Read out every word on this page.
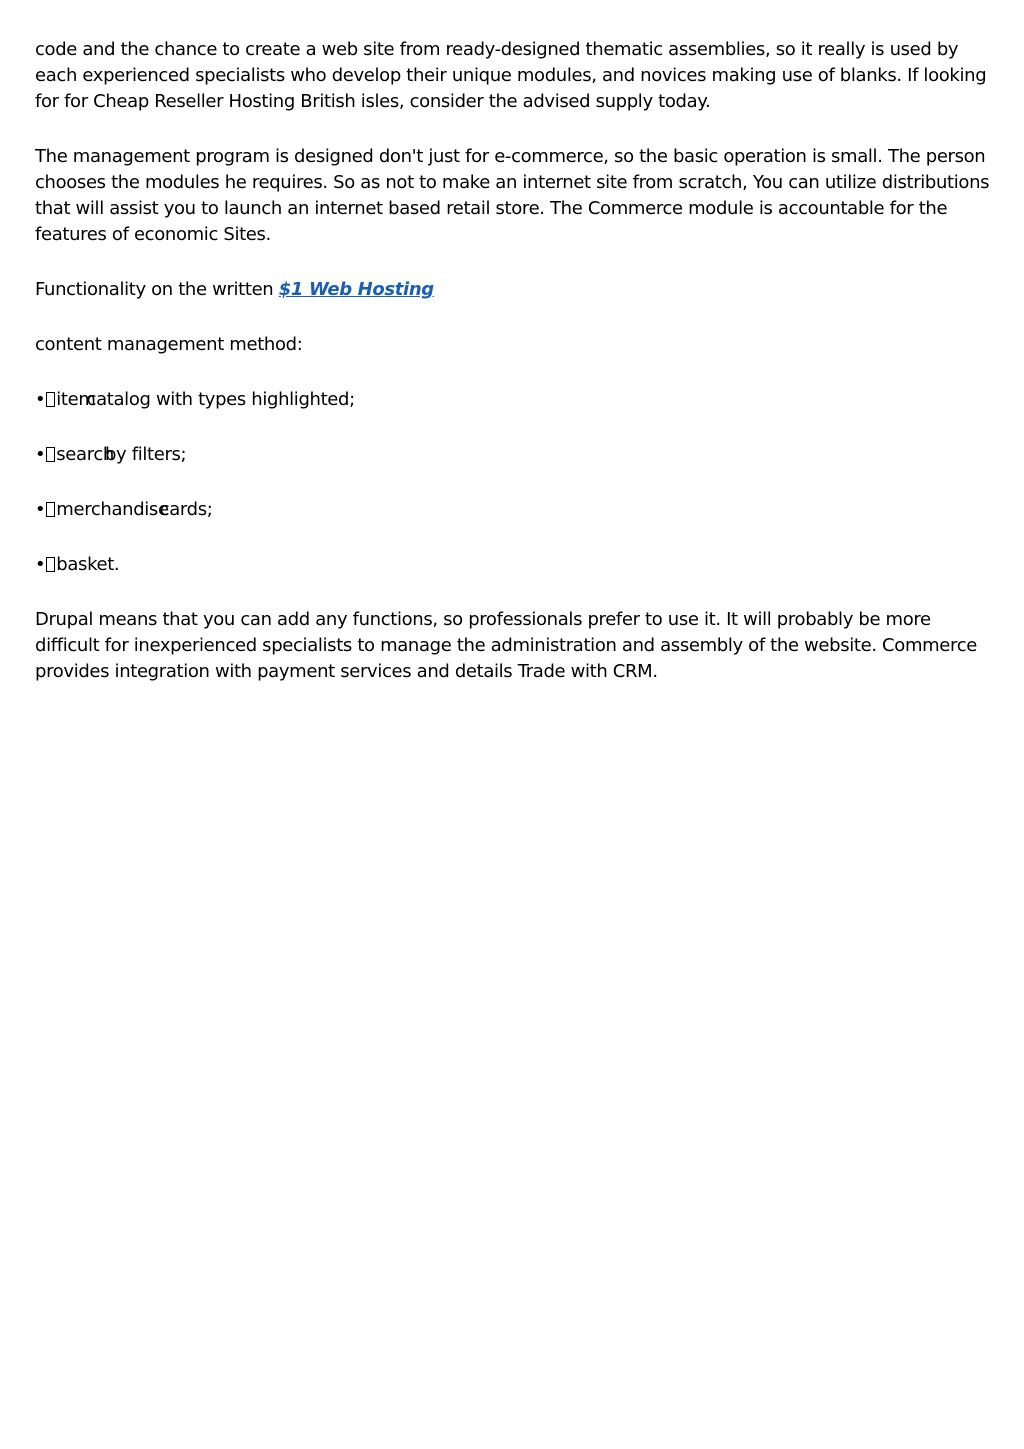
code and the chance to create a web site from ready-designed thematic assemblies, so it really is used by each experienced specialists who develop their unique modules, and novices making use of blanks. If looking for for Cheap Reseller Hosting British isles, consider the advised supply today.

The management program is designed don't just for e-commerce, so the basic operation is small. The person chooses the modules he requires. So as not to make an internet site from scratch, You can utilize distributions that will assist you to launch an internet based retail store. The Commerce module is accountable for the features of economic Sites.

Functionality on the written $1 Web Hosting

content management method:

• itemcatalog with types highlighted;
• searchby filters;
• merchandisecards;
• basket.

Drupal means that you can add any functions, so professionals prefer to use it. It will probably be more difficult for inexperienced specialists to manage the administration and assembly of the website. Commerce provides integration with payment services and details Trade with CRM.
